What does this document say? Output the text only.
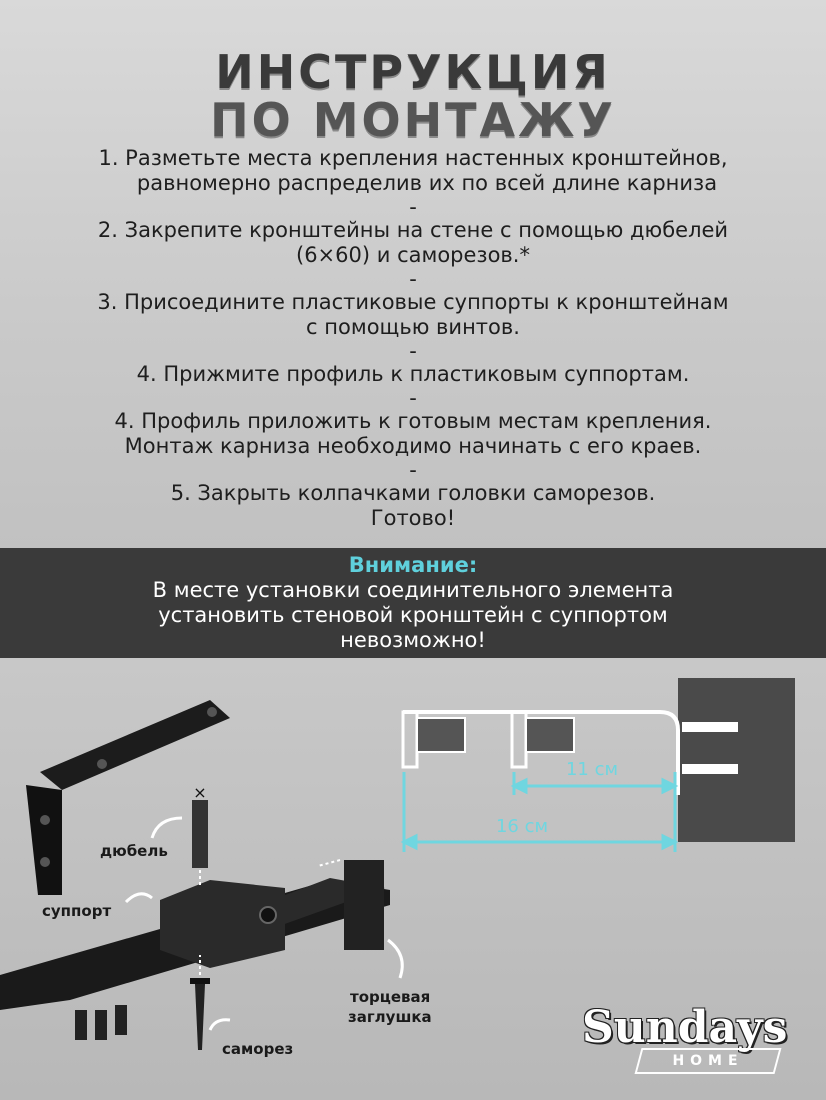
ИНСТРУКЦИЯ
ПО МОНТАЖУ
1. Разметьте места крепления настенных кронштейнов,
равномерно распределив их по всей длине карниза
-
2. Закрепите кронштейны на стене с помощью дюбелей
(6×60) и саморезов.*
-
3. Присоедините пластиковые суппорты к кронштейнам
с помощью винтов.
-
4. Прижмите профиль к пластиковым суппортам.
-
4. Профиль приложить к готовым местам крепления.
Монтаж карниза необходимо начинать с его краев.
-
5. Закрыть колпачками головки саморезов.
Готово!
Внимание:
В месте установки соединительного элемента
установить стеновой кронштейн с суппортом
невозможно!
11 см
16 см
×
дюбель
суппорт
торцевая
заглушка
саморез	Sundays
HOME
